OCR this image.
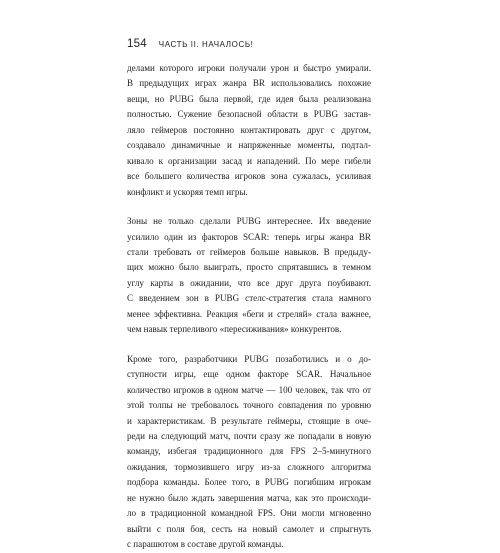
154 ЧАСТЬ II. НАЧАЛОСЬ!

делами которого игроки получали урон и быстро умирали.
В предыдущих играх жанра BR использовались похожие
вещи, но PUBG была первой, где идея была реализована
полностью. Сужение безопасной области в PUBG застав-
ляло геймеров постоянно контактировать друг с другом,
создавало динамичные и напряженные моменты, подтал-
кивало к организации засад и нападений. По мере гибели
все большего количества игроков зона сужалась, усиливая
конфликт и ускоряя темп игры.

Зоны не только сделали PUBG интереснее. Их введение
усилило один из факторов SCAR: теперь игры жанра BR
стали требовать от геймеров больше навыков. В предыду-
щих можно было выиграть, просто спрятавшись в темном
углу карты в ожидании, что все друг друга поубивают.
С введением зон в PUBG стелс-стратегия стала намного
менее эффективна. Реакция «беги и стреляй» стала важнее,
чем навык терпеливого «пересиживания» конкурентов.

Кроме того, разработчики PUBG позаботились и о до-
ступности игры, еще одном факторе SCAR. Начальное
количество игроков в одном матче — 100 человек, так что от
этой толпы не требовалось точного совпадения по уровню
и характеристикам. В результате геймеры, стоящие в оче-
реди на следующий матч, почти сразу же попадали в новую
команду, избегая традиционного для FPS 2–5-минутного
ожидания, тормозившего игру из-за сложного алгоритма
подбора команды. Более того, в PUBG погибшим игрокам
не нужно было ждать завершения матча, как это происходи-
ло в традиционной командной FPS. Они могли мгновенно
выйти с поля боя, сесть на новый самолет и спрыгнуть
с парашютом в составе другой команды.
